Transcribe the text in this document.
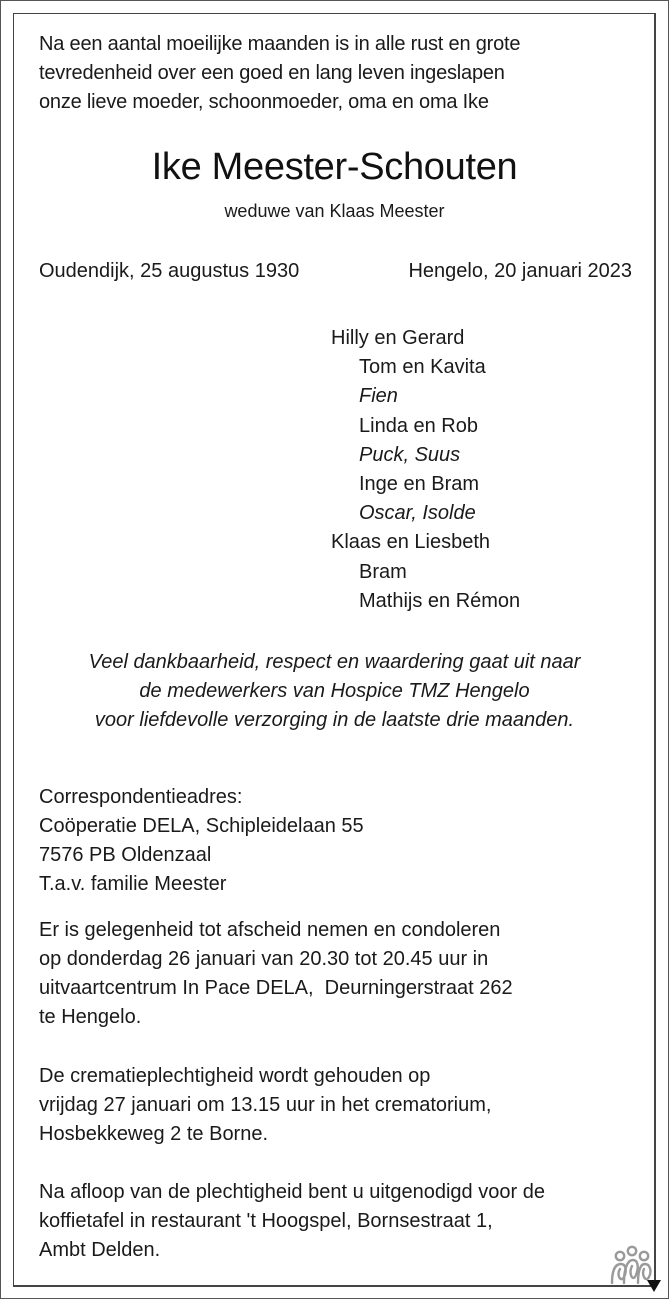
Na een aantal moeilijke maanden is in alle rust en grote
tevredenheid over een goed en lang leven ingeslapen
onze lieve moeder, schoonmoeder, oma en oma Ike
Ike Meester-Schouten
weduwe van Klaas Meester
Oudendijk, 25 augustus 1930	Hengelo, 20 januari 2023
Hilly en Gerard
Tom en Kavita
Fien
Linda en Rob
Puck, Suus
Inge en Bram
Oscar, Isolde
Klaas en Liesbeth
Bram
Mathijs en Rémon
Veel dankbaarheid, respect en waardering gaat uit naar
de medewerkers van Hospice TMZ Hengelo
voor liefdevolle verzorging in de laatste drie maanden.
Correspondentieadres:
Coöperatie DELA, Schipleidelaan 55
7576 PB Oldenzaal
T.a.v. familie Meester
Er is gelegenheid tot afscheid nemen en condoleren
op donderdag 26 januari van 20.30 tot 20.45 uur in
uitvaartcentrum In Pace DELA,  Deurningerstraat 262
te Hengelo.
De crematieplechtigheid wordt gehouden op
vrijdag 27 januari om 13.15 uur in het crematorium,
Hosbekkeweg 2 te Borne.
Na afloop van de plechtigheid bent u uitgenodigd voor de
koffietafel in restaurant 't Hoogspel, Bornsestraat 1,
Ambt Delden.
